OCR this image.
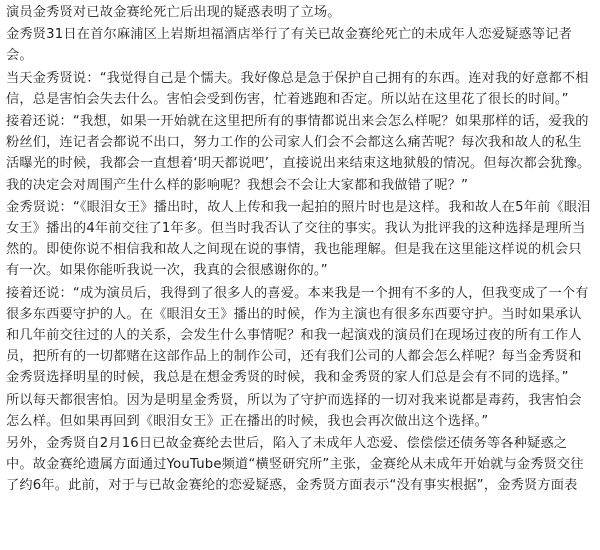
演员金秀贤对已故金赛纶死亡后出现的疑惑表明了立场。

金秀贤31日在首尔麻浦区上岩斯坦福酒店举行了有关已故金赛纶死亡的未成年人恋爱疑惑等记者会。

当天金秀贤说：“我觉得自己是个懦夫。我好像总是急于保护自己拥有的东西。连对我的好意都不相信，总是害怕会失去什么。害怕会受到伤害，忙着逃跑和否定。所以站在这里花了很长的时间。”

接着还说：“我想，如果一开始就在这里把所有的事情都说出来会怎么样呢？如果那样的话，爱我的粉丝们，连记者会都说不出口，努力工作的公司家人们会不会都这么痛苦呢？每次我和故人的私生活曝光的时候，我都会一直想着‘明天都说吧’，直接说出来结束这地狱般的情况。但每次都会犹豫。我的决定会对周围产生什么样的影响呢？我想会不会让大家都和我做错了呢？”

金秀贤说：“《眼泪女王》播出时，故人上传和我一起拍的照片时也是这样。我和故人在5年前《眼泪女王》播出的4年前交往了1年多。但当时我否认了交往的事实。我认为批评我的这种选择是理所当然的。即使你说不相信我和故人之间现在说的事情，我也能理解。但是我在这里能这样说的机会只有一次。如果你能听我说一次，我真的会很感谢你的。”

接着还说：“成为演员后，我得到了很多人的喜爱。本来我是一个拥有不多的人，但我变成了一个有很多东西要守护的人。在《眼泪女王》播出的时候，作为主演也有很多东西要守护。当时如果承认和几年前交往过的人的关系，会发生什么事情呢？和我一起演戏的演员们在现场过夜的所有工作人员，把所有的一切都赌在这部作品上的制作公司，还有我们公司的人都会怎么样呢？每当金秀贤和金秀贤选择明星的时候，我总是在想金秀贤的时候，我和金秀贤的家人们总是会有不同的选择。”

所以每天都很害怕。因为是明星金秀贤，所以为了守护而选择的一切对我来说都是毒药，我害怕会怎么样。但如果再回到《眼泪女王》正在播出的时候，我也会再次做出这个选择。”

另外，金秀贤自2月16日已故金赛纶去世后，陷入了未成年人恋爱、偿偿偿还债务等各种疑惑之中。故金赛纶遗属方面通过YouTube频道“横竖研究所”主张，金赛纶从未成年开始就与金秀贤交往了约6年。此前，对于与已故金赛纶的恋爱疑惑，金秀贤方面表示“没有事实根据”，金秀贤方面表
